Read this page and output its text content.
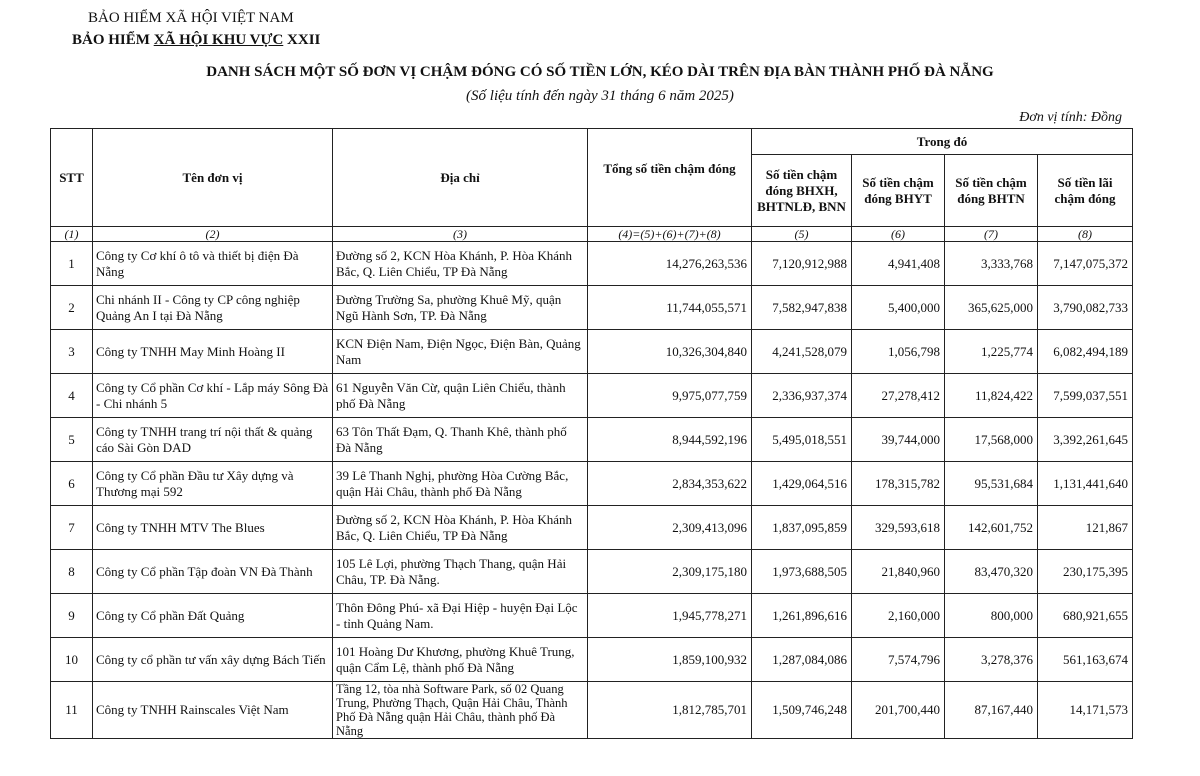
BẢO HIỂM XÃ HỘI VIỆT NAM
BẢO HIỂM XÃ HỘI KHU VỰC XXII
DANH SÁCH MỘT SỐ ĐƠN VỊ CHẬM ĐÓNG CÓ SỐ TIỀN LỚN, KÉO DÀI TRÊN ĐỊA BÀN THÀNH PHỐ ĐÀ NẴNG
(Số liệu tính đến ngày 31 tháng 6 năm 2025)
Đơn vị tính: Đồng
STT	Tên đơn vị	Địa chỉ	Tổng số tiền chậm đóng	Trong đó			
				Số tiền chậm đóng BHXH, BHTNLĐ, BNN	Số tiền chậm đóng BHYT	Số tiền chậm đóng BHTN	Số tiền lãi chậm đóng
(1)	(2)	(3)	(4)=(5)+(6)+(7)+(8)	(5)	(6)	(7)	(8)
1	Công ty Cơ khí ô tô và thiết bị điện Đà Nẵng	Đường số 2, KCN Hòa Khánh, P. Hòa Khánh Bắc, Q. Liên Chiểu, TP Đà Nẵng	14,276,263,536	7,120,912,988	4,941,408	3,333,768	7,147,075,372
2	Chi nhánh II - Công ty CP công nghiệp Quảng An I tại Đà Nẵng	Đường Trường Sa, phường Khuê Mỹ, quận Ngũ Hành Sơn, TP. Đà Nẵng	11,744,055,571	7,582,947,838	5,400,000	365,625,000	3,790,082,733
3	Công ty TNHH May Minh Hoàng II	KCN Điện Nam, Điện Ngọc, Điện Bàn, Quảng Nam	10,326,304,840	4,241,528,079	1,056,798	1,225,774	6,082,494,189
4	Công ty Cổ phần Cơ khí - Lắp máy Sông Đà - Chi nhánh 5	61 Nguyễn Văn Cừ, quận Liên Chiểu, thành phố Đà Nẵng	9,975,077,759	2,336,937,374	27,278,412	11,824,422	7,599,037,551
5	Công ty TNHH trang trí nội thất & quảng cáo Sài Gòn DAD	63 Tôn Thất Đạm, Q. Thanh Khê, thành phố Đà Nẵng	8,944,592,196	5,495,018,551	39,744,000	17,568,000	3,392,261,645
6	Công ty Cổ phần Đầu tư Xây dựng và Thương mại 592	39 Lê Thanh Nghị, phường Hòa Cường Bắc, quận Hải Châu, thành phố Đà Nẵng	2,834,353,622	1,429,064,516	178,315,782	95,531,684	1,131,441,640
7	Công ty TNHH MTV The Blues	Đường số 2, KCN Hòa Khánh, P. Hòa Khánh Bắc, Q. Liên Chiểu, TP Đà Nẵng	2,309,413,096	1,837,095,859	329,593,618	142,601,752	121,867
8	Công ty Cổ phần Tập đoàn VN Đà Thành	105 Lê Lợi, phường Thạch Thang, quận Hải Châu, TP. Đà Nẵng.	2,309,175,180	1,973,688,505	21,840,960	83,470,320	230,175,395
9	Công ty Cổ phần Đất Quảng	Thôn Đông Phú- xã Đại Hiệp - huyện Đại Lộc - tỉnh Quảng Nam.	1,945,778,271	1,261,896,616	2,160,000	800,000	680,921,655
10	Công ty cổ phần tư vấn xây dựng Bách Tiến	101 Hoàng Dư Khương, phường Khuê Trung, quận Cẩm Lệ, thành phố Đà Nẵng	1,859,100,932	1,287,084,086	7,574,796	3,278,376	561,163,674
11	Công ty TNHH Rainscales Việt Nam	Tầng 12, tòa nhà Software Park, số 02 Quang Trung, Phường Thạch, Quận Hải Châu, Thành Phố Đà Nẵng quận Hải Châu, thành phố Đà Nẵng	1,812,785,701	1,509,746,248	201,700,440	87,167,440	14,171,573
